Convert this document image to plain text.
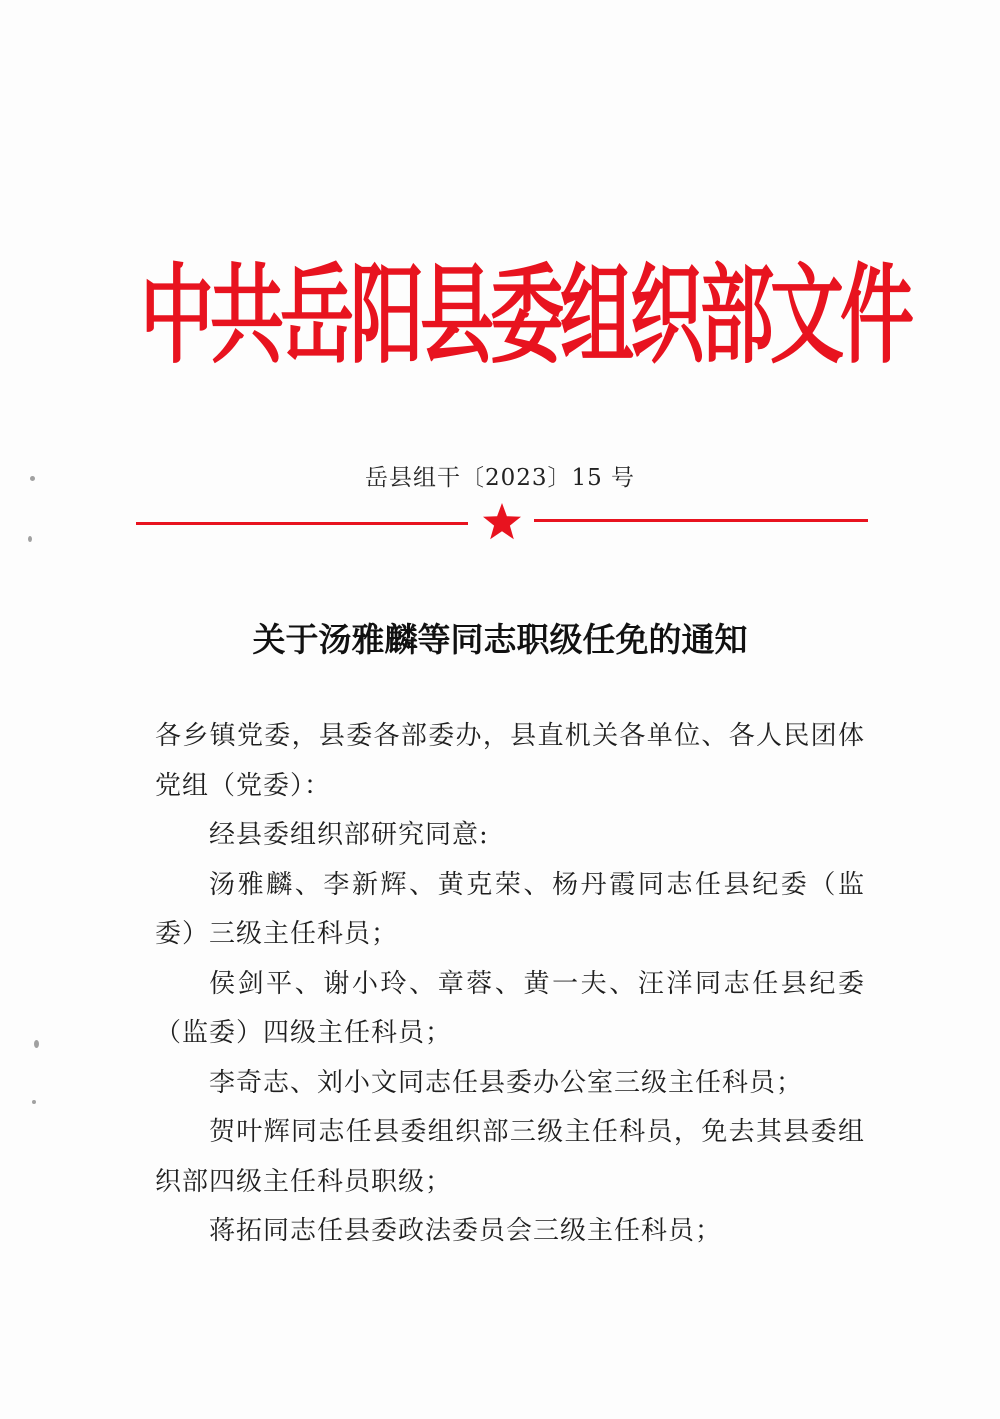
中共岳阳县委组织部文件
岳县组干〔2023〕15 号
关于汤雅麟等同志职级任免的通知

各乡镇党委，县委各部委办，县直机关各单位、各人民团体党组（党委）：

经县委组织部研究同意:

汤雅麟、李新辉、黄克荣、杨丹霞同志任县纪委（监委）三级主任科员；

侯剑平、谢小玲、章蓉、黄一夫、汪洋同志任县纪委（监委）四级主任科员；

李奇志、刘小文同志任县委办公室三级主任科员；

贺叶辉同志任县委组织部三级主任科员，免去其县委组织部四级主任科员职级；

蒋拓同志任县委政法委员会三级主任科员；
